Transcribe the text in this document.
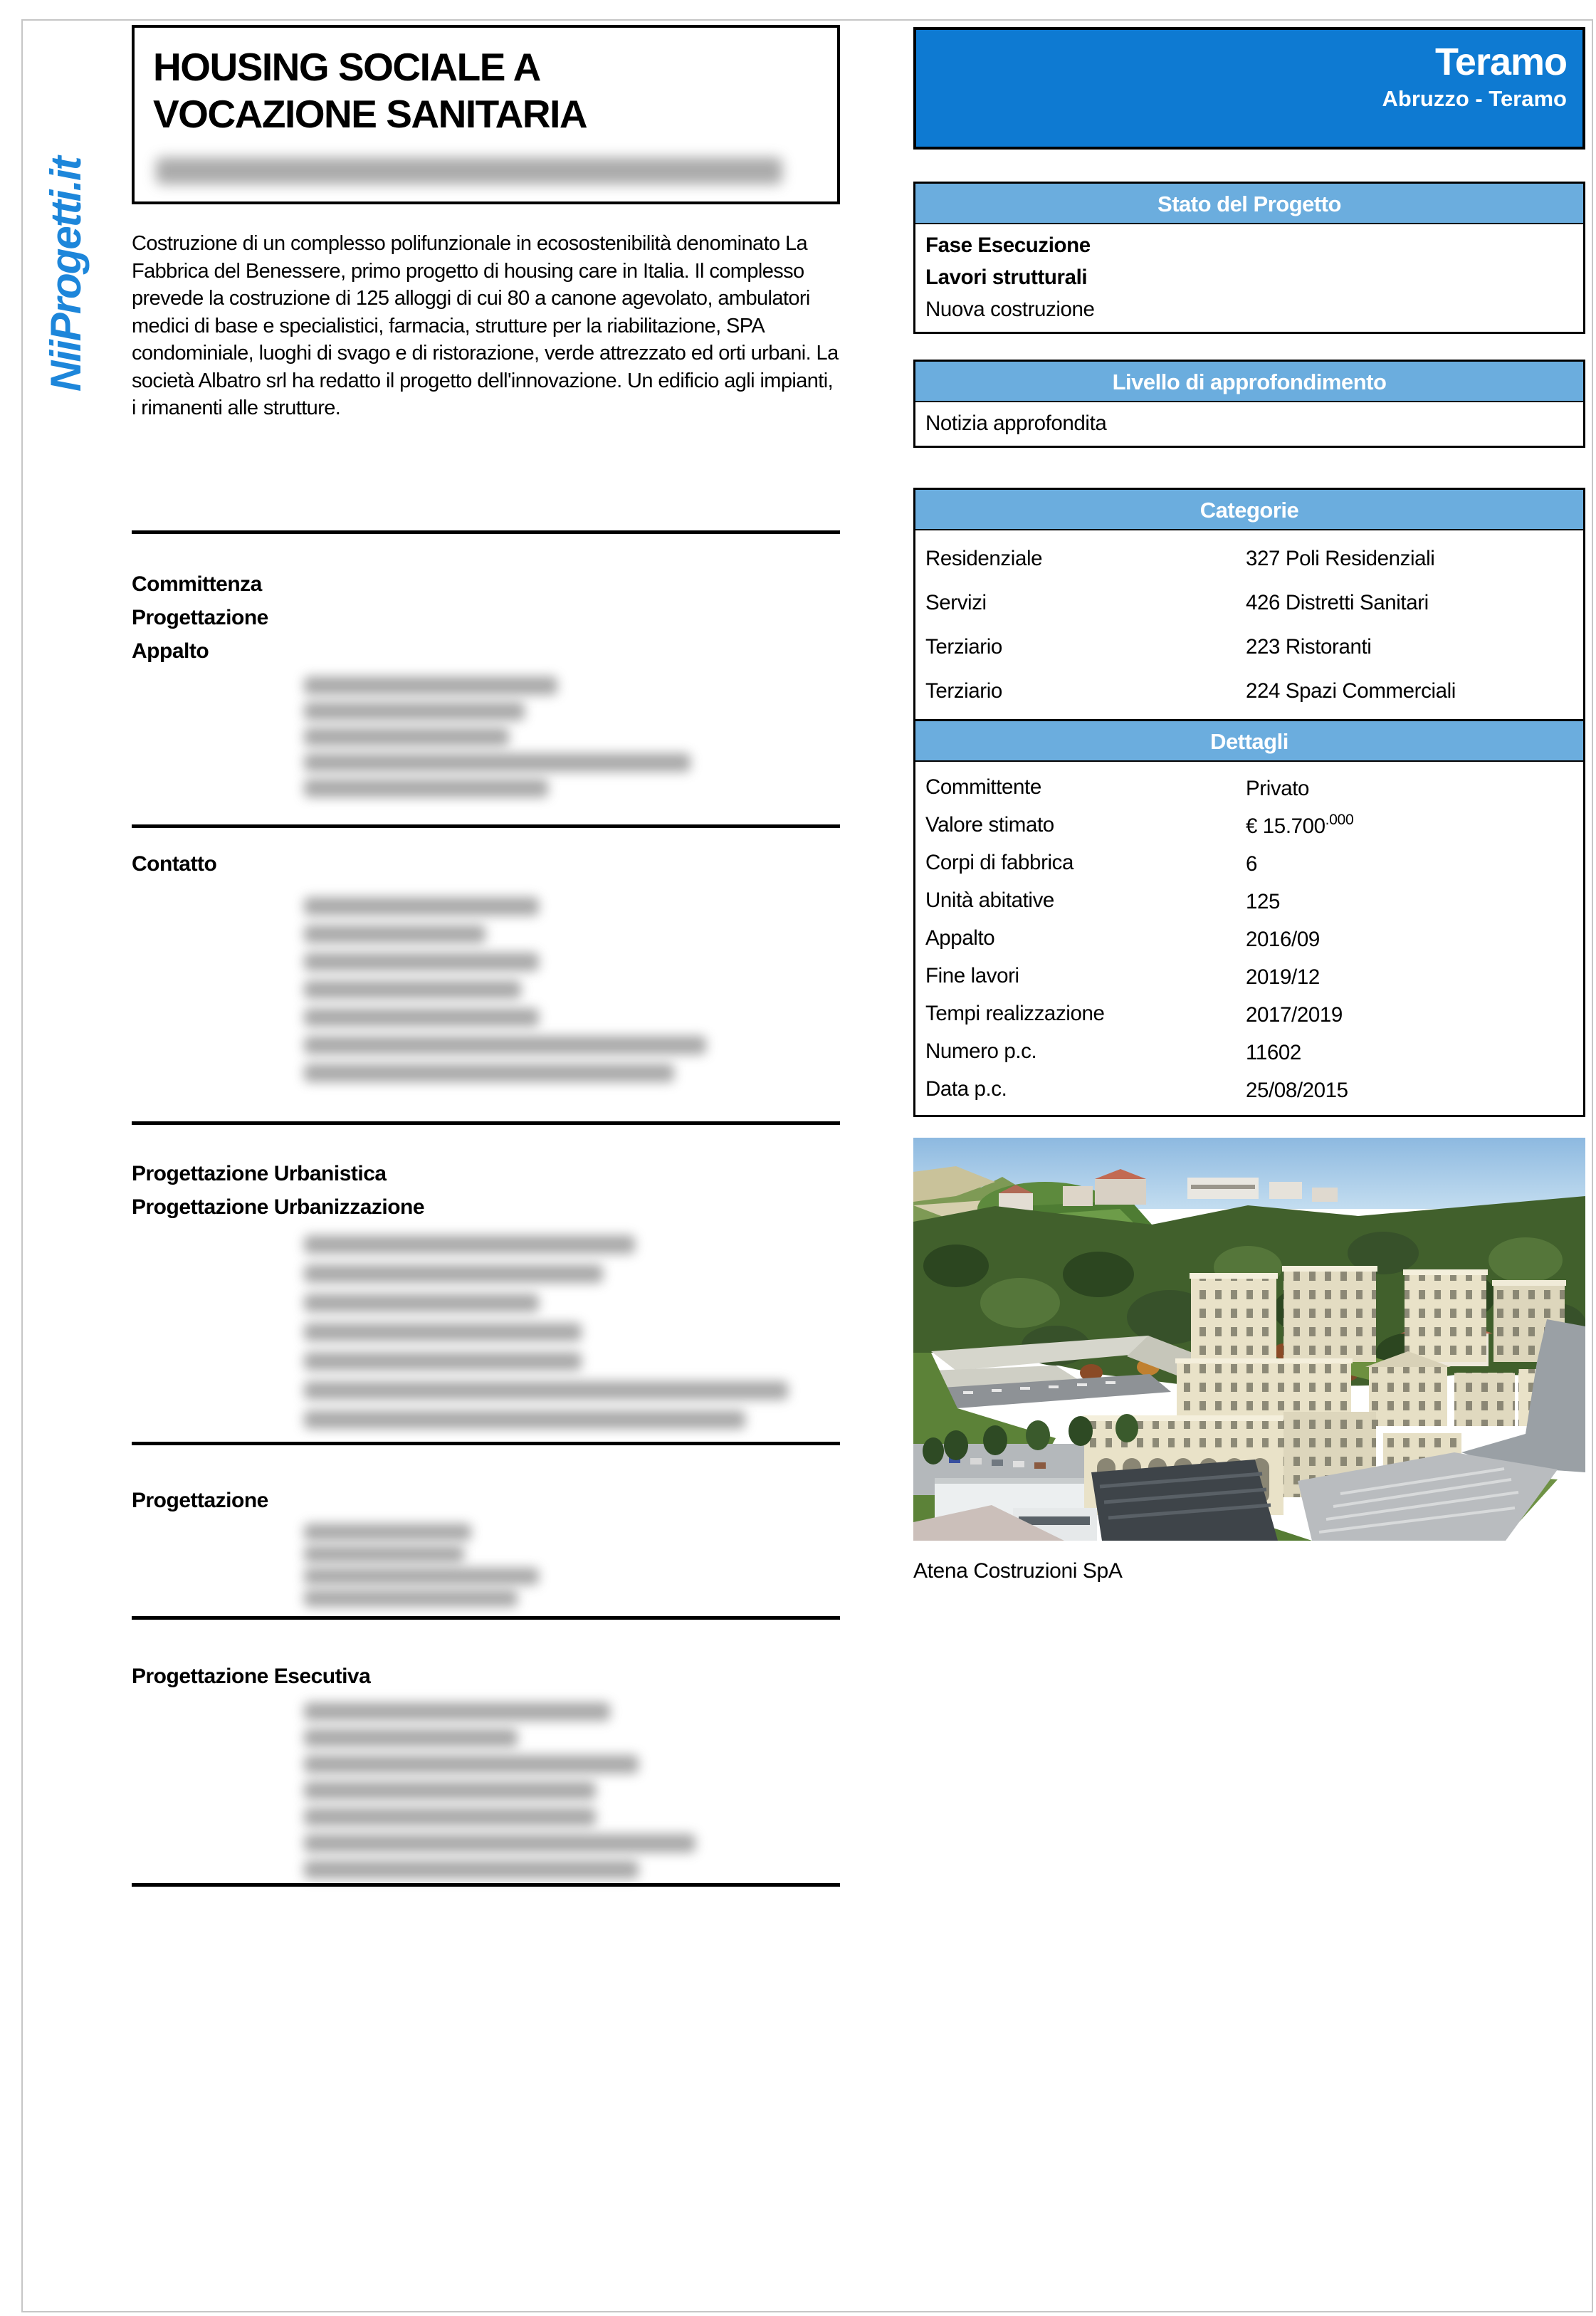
NiiProgetti.it
HOUSING SOCIALE A
VOCAZIONE SANITARIA
Costruzione di un complesso polifunzionale in ecosostenibilità denominato La Fabbrica del Benessere, primo progetto di housing care in Italia. Il complesso prevede la costruzione di 125 alloggi di cui 80 a canone agevolato, ambulatori medici di base e specialistici, farmacia, strutture per la riabilitazione, SPA condominiale, luoghi di svago e di ristorazione, verde attrezzato ed orti urbani. La società Albatro srl ha redatto il progetto dell'innovazione. Un edificio agli impianti, i rimanenti alle strutture.
Committenza
Progettazione
Appalto
Contatto
Progettazione Urbanistica
Progettazione Urbanizzazione
Progettazione
Progettazione Esecutiva
Teramo
Abruzzo - Teramo
Stato del Progetto
Fase Esecuzione
Lavori strutturali
Nuova costruzione
Livello di approfondimento
Notizia approfondita
Categorie
Residenziale	327 Poli Residenziali
Servizi	426 Distretti Sanitari
Terziario	223 Ristoranti
Terziario	224 Spazi Commerciali
Dettagli
Committente	Privato
Valore stimato	€ $15.700^{.000}$
Corpi di fabbrica	6
Unità abitative	125
Appalto	2016/09
Fine lavori	2019/12
Tempi realizzazione	2017/2019
Numero p.c.	11602
Data p.c.	25/08/2015
Atena Costruzioni SpA
